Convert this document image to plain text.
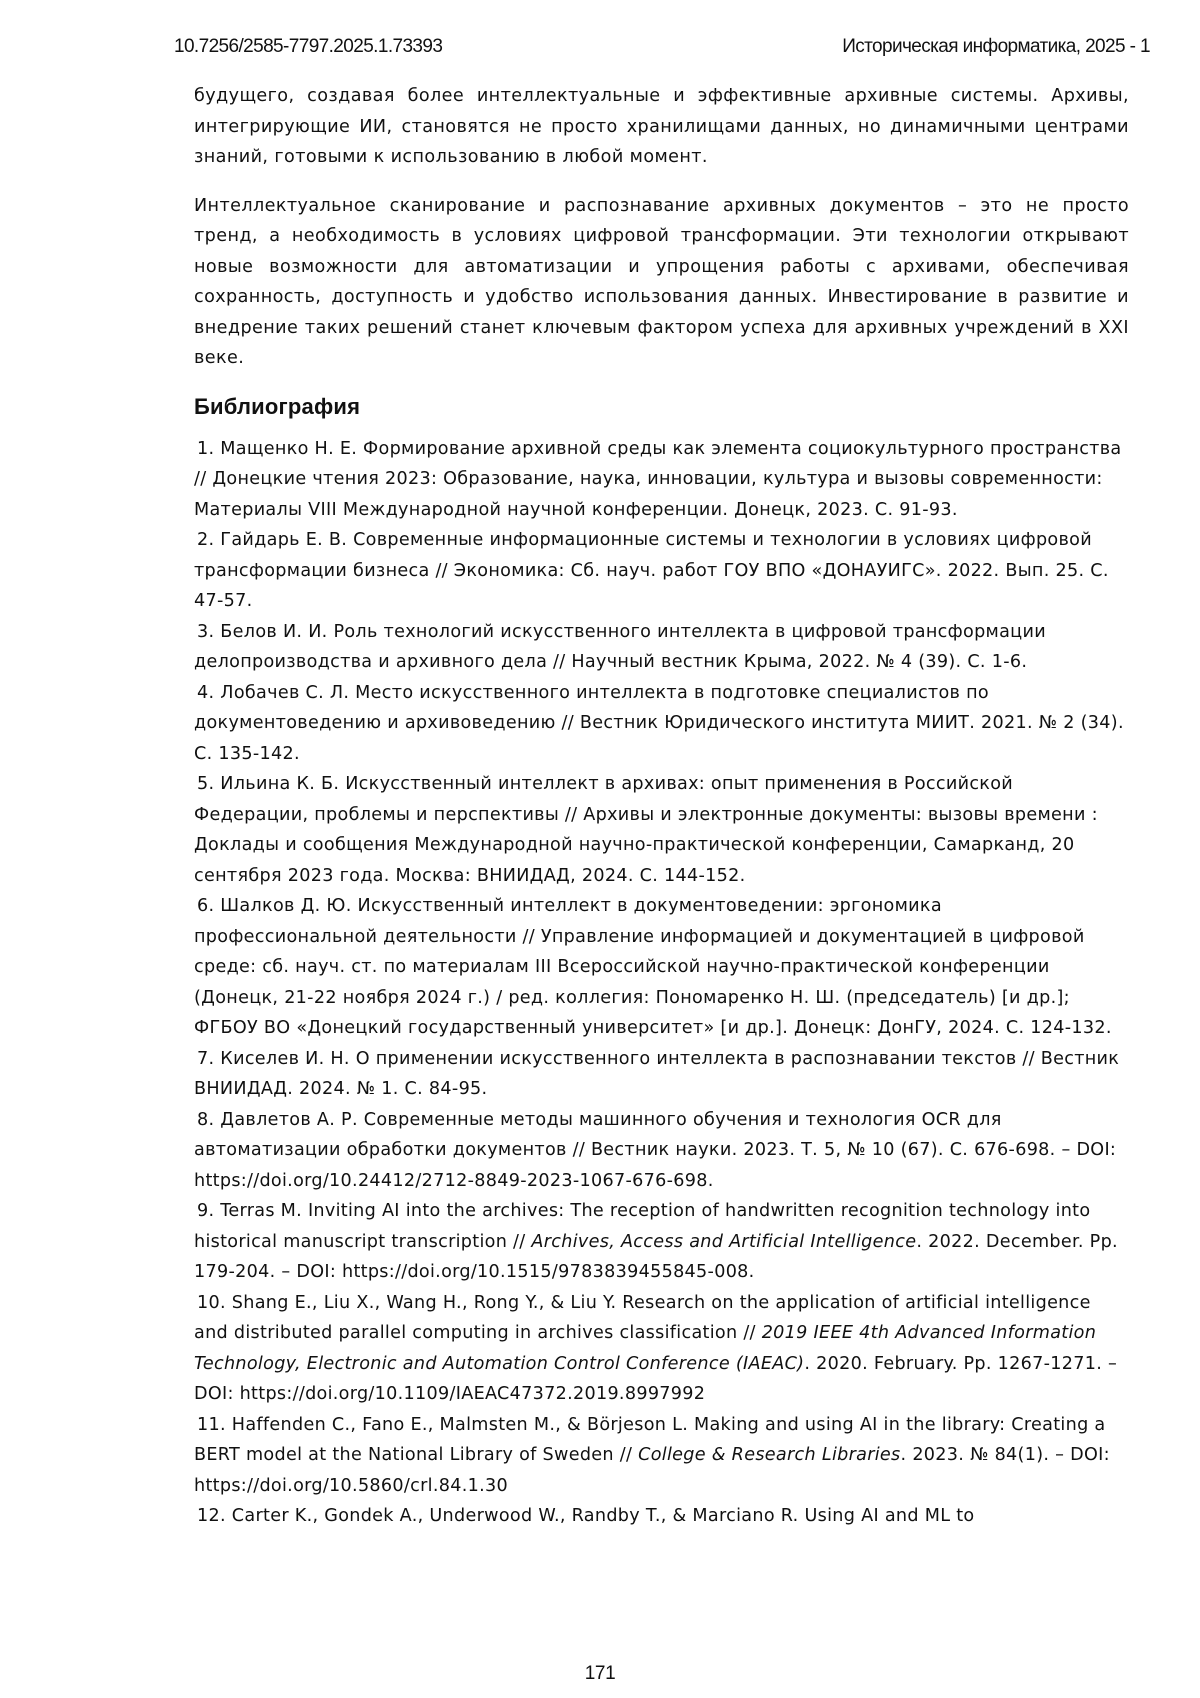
10.7256/2585-7797.2025.1.73393	Историческая информатика, 2025 - 1

будущего, создавая более интеллектуальные и эффективные архивные системы. Архивы, интегрирующие ИИ, становятся не просто хранилищами данных, но динамичными центрами знаний, готовыми к использованию в любой момент.

Интеллектуальное сканирование и распознавание архивных документов – это не просто тренд, а необходимость в условиях цифровой трансформации. Эти технологии открывают новые возможности для автоматизации и упрощения работы с архивами, обеспечивая сохранность, доступность и удобство использования данных. Инвестирование в развитие и внедрение таких решений станет ключевым фактором успеха для архивных учреждений в XXI веке.

Библиография

1. Мащенко Н. Е. Формирование архивной среды как элемента социокультурного пространства // Донецкие чтения 2023: Образование, наука, инновации, культура и вызовы современности: Материалы VIII Международной научной конференции. Донецк, 2023. С. 91-93.

2. Гайдарь Е. В. Современные информационные системы и технологии в условиях цифровой трансформации бизнеса // Экономика: Сб. науч. работ ГОУ ВПО «ДОНАУИГС». 2022. Вып. 25. С. 47-57.

3. Белов И. И. Роль технологий искусственного интеллекта в цифровой трансформации делопроизводства и архивного дела // Научный вестник Крыма, 2022. № 4 (39). С. 1-6.

4. Лобачев С. Л. Место искусственного интеллекта в подготовке специалистов по документоведению и архивоведению // Вестник Юридического института МИИТ. 2021. № 2 (34). С. 135-142.

5. Ильина К. Б. Искусственный интеллект в архивах: опыт применения в Российской Федерации, проблемы и перспективы // Архивы и электронные документы: вызовы времени : Доклады и сообщения Международной научно-практической конференции, Самарканд, 20 сентября 2023 года. Москва: ВНИИДАД, 2024. С. 144-152.

6. Шалков Д. Ю. Искусственный интеллект в документоведении: эргономика профессиональной деятельности // Управление информацией и документацией в цифровой среде: сб. науч. ст. по материалам III Всероссийской научно-практической конференции (Донецк, 21-22 ноября 2024 г.) / ред. коллегия: Пономаренко Н. Ш. (председатель) [и др.]; ФГБОУ ВО «Донецкий государственный университет» [и др.]. Донецк: ДонГУ, 2024. С. 124-132.

7. Киселев И. Н. О применении искусственного интеллекта в распознавании текстов // Вестник ВНИИДАД. 2024. № 1. С. 84-95.

8. Давлетов А. Р. Современные методы машинного обучения и технология OCR для автоматизации обработки документов // Вестник науки. 2023. Т. 5, № 10 (67). С. 676-698. – DOI: https://doi.org/10.24412/2712-8849-2023-1067-676-698.

9. Terras M. Inviting AI into the archives: The reception of handwritten recognition technology into historical manuscript transcription // Archives, Access and Artificial Intelligence. 2022. December. Pp. 179-204. – DOI: https://doi.org/10.1515/9783839455845-008.

10. Shang E., Liu X., Wang H., Rong Y., & Liu Y. Research on the application of artificial intelligence and distributed parallel computing in archives classification // 2019 IEEE 4th Advanced Information Technology, Electronic and Automation Control Conference (IAEAC). 2020. February. Pp. 1267-1271. – DOI: https://doi.org/10.1109/IAEAC47372.2019.8997992

11. Haffenden C., Fano E., Malmsten M., & Börjeson L. Making and using AI in the library: Creating a BERT model at the National Library of Sweden // College & Research Libraries. 2023. № 84(1). – DOI: https://doi.org/10.5860/crl.84.1.30

12. Carter K., Gondek A., Underwood W., Randby T., & Marciano R. Using AI and ML to

171
